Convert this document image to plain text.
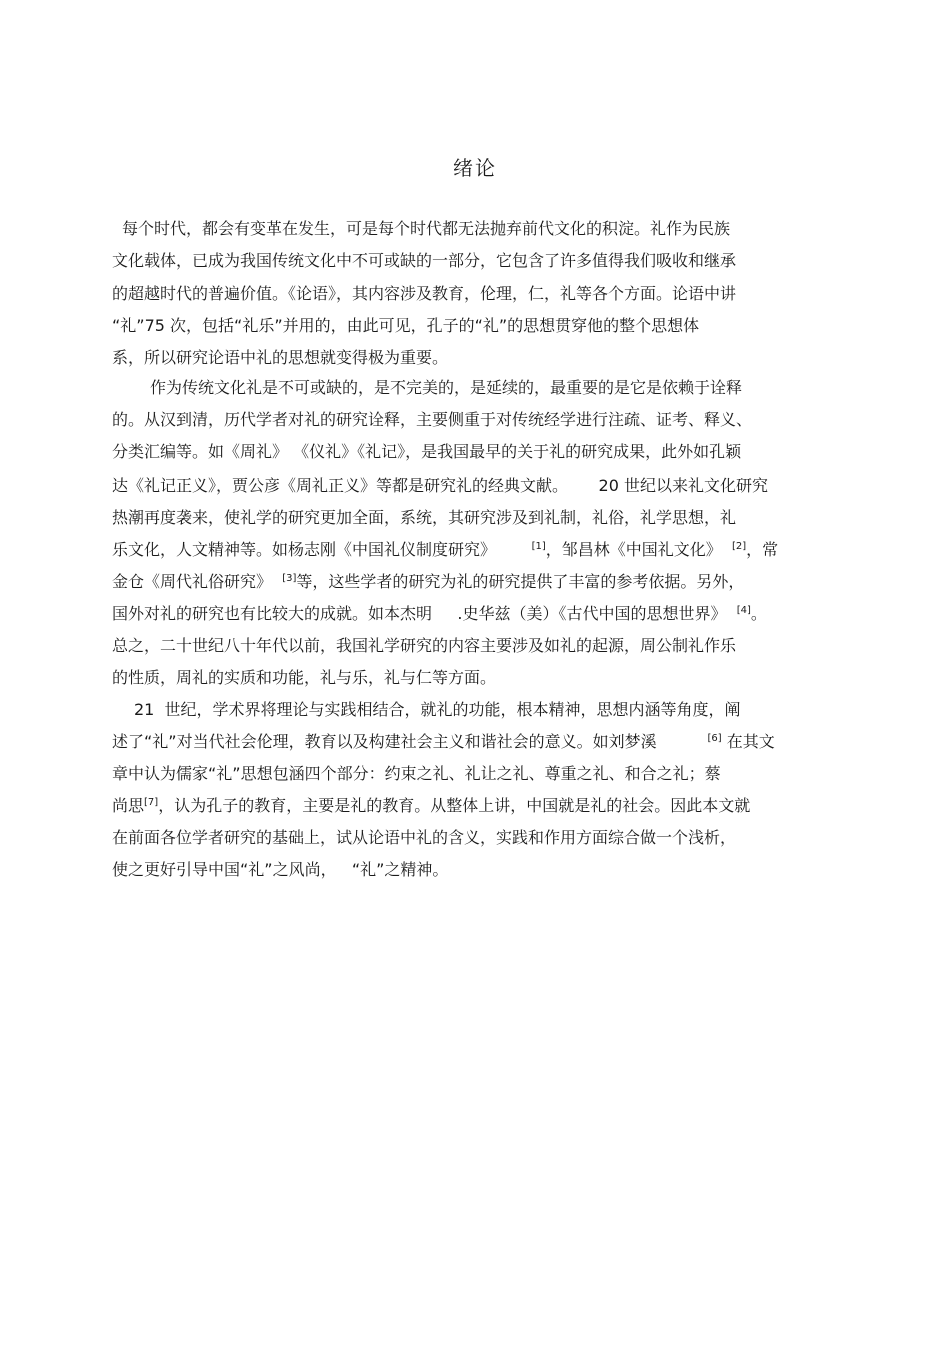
绪论
每个时代，都会有变革在发生，可是每个时代都无法抛弃前代文化的积淀。礼作为民族
文化载体，已成为我国传统文化中不可或缺的一部分，它包含了许多值得我们吸收和继承
的超越时代的普遍价值。《论语》，其内容涉及教育，伦理，仁，礼等各个方面。论语中讲
“礼”75 次，包括“礼乐”并用的，由此可见，孔子的“礼”的思想贯穿他的整个思想体
系，所以研究论语中礼的思想就变得极为重要。
作为传统文化礼是不可或缺的，是不完美的，是延续的，最重要的是它是依赖于诠释
的。从汉到清，历代学者对礼的研究诠释，主要侧重于对传统经学进行注疏、证考、释义、
分类汇编等。如《周礼》 《仪礼》《礼记》，是我国最早的关于礼的研究成果，此外如孔颖
达《礼记正义》，贾公彦《周礼正义》等都是研究礼的经典文献。      20 世纪以来礼文化研究
热潮再度袭来，使礼学的研究更加全面，系统，其研究涉及到礼制，礼俗，礼学思想，礼
乐文化，人文精神等。如杨志刚《中国礼仪制度研究》       [1]，邹昌林《中国礼文化》  [2]，常
金仓《周代礼俗研究》  [3]等，这些学者的研究为礼的研究提供了丰富的参考依据。另外，
国外对礼的研究也有比较大的成就。如本杰明     .史华兹（美）《古代中国的思想世界》  [4]。
总之，二十世纪八十年代以前，我国礼学研究的内容主要涉及如礼的起源，周公制礼作乐
的性质，周礼的实质和功能，礼与乐，礼与仁等方面。
21  世纪，学术界将理论与实践相结合，就礼的功能，根本精神，思想内涵等角度，阐
述了“礼”对当代社会伦理，教育以及构建社会主义和谐社会的意义。如刘梦溪          [6] 在其文
章中认为儒家“礼”思想包涵四个部分：约束之礼、礼让之礼、尊重之礼、和合之礼；蔡
尚思[7]，认为孔子的教育，主要是礼的教育。从整体上讲，中国就是礼的社会。因此本文就
在前面各位学者研究的基础上，试从论语中礼的含义，实践和作用方面综合做一个浅析，
使之更好引导中国“礼”之风尚，   “礼”之精神。
